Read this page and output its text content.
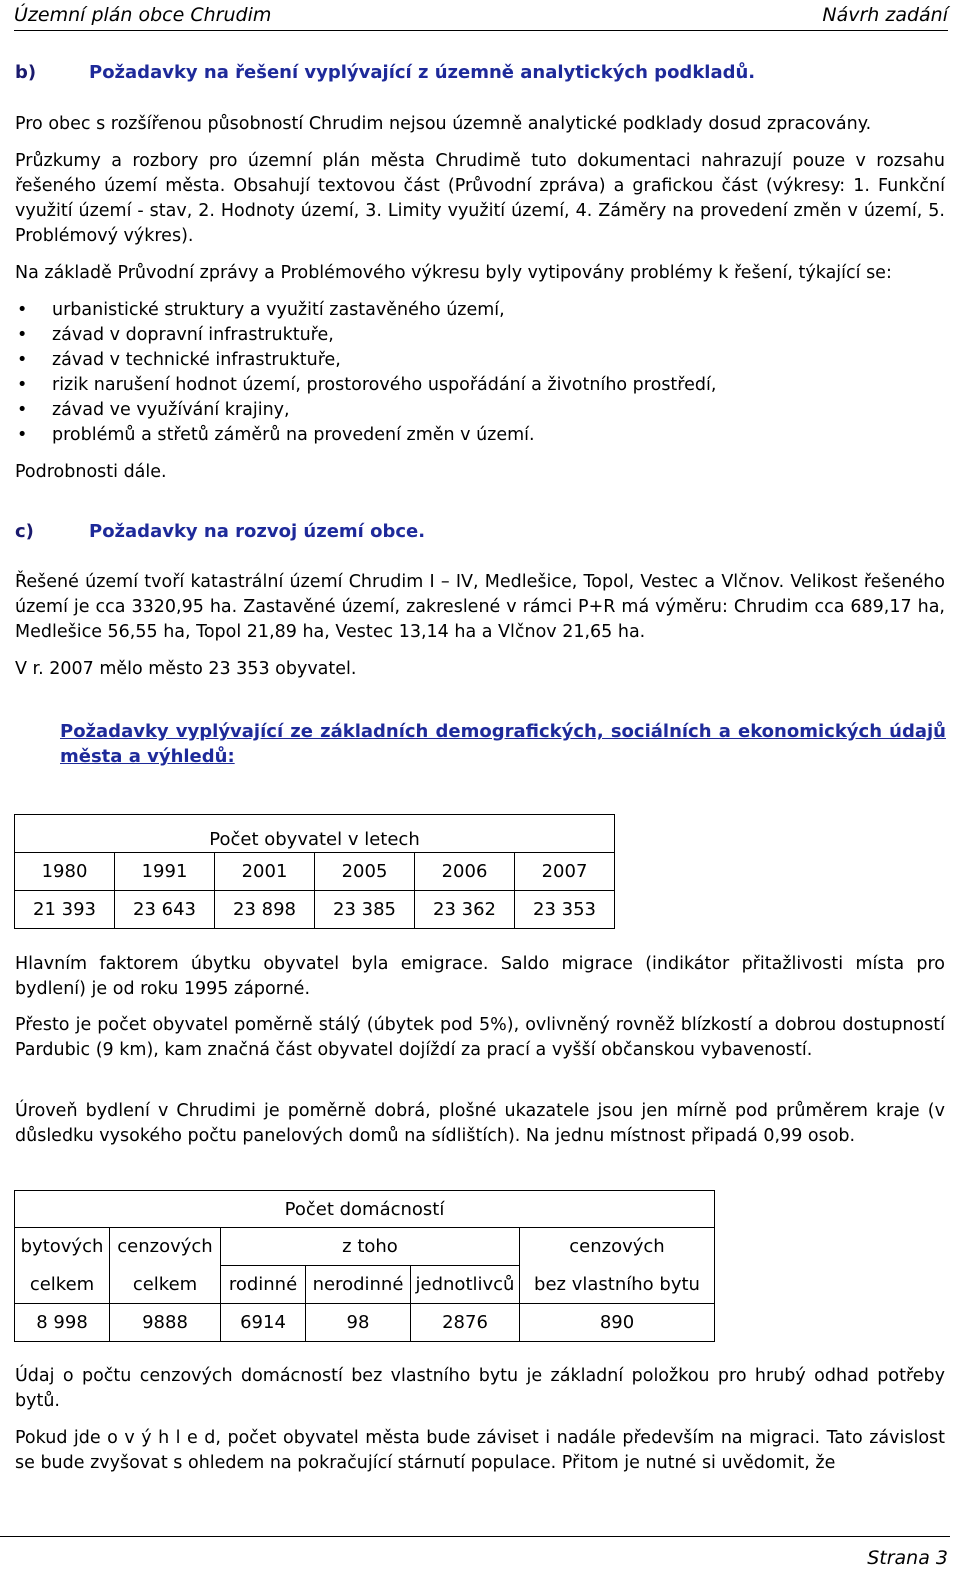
Územní plán obce Chrudim	Návrh zadání
b)	Požadavky na řešení vyplývající z územně analytických podkladů.
Pro obec s rozšířenou působností Chrudim nejsou územně analytické podklady dosud zpracovány.
Průzkumy a rozbory pro územní plán města Chrudimě tuto dokumentaci nahrazují pouze v rozsahu řešeného území města. Obsahují textovou část (Průvodní zpráva) a grafickou část (výkresy: 1. Funkční využití území - stav, 2. Hodnoty území, 3. Limity využití území, 4. Záměry na provedení změn v území, 5. Problémový výkres).
Na základě Průvodní zprávy a Problémového výkresu byly vytipovány problémy k řešení, týkající se:
• urbanistické struktury a využití zastavěného území,
• závad v dopravní infrastruktuře,
• závad v technické infrastruktuře,
• rizik narušení hodnot území, prostorového uspořádání a životního prostředí,
• závad ve využívání krajiny,
• problémů a střetů záměrů na provedení změn v území.
Podrobnosti dále.
c)	Požadavky na rozvoj území obce.
Řešené území tvoří katastrální území Chrudim I – IV, Medlešice, Topol, Vestec a Vlčnov. Velikost řešeného území je cca 3320,95 ha. Zastavěné území, zakreslené v rámci P+R má výměru: Chrudim cca 689,17 ha, Medlešice 56,55 ha, Topol 21,89 ha, Vestec 13,14 ha a Vlčnov 21,65 ha.
V r. 2007 mělo město 23 353 obyvatel.
Požadavky vyplývající ze základních demografických, sociálních a ekonomických údajů města a výhledů:
Počet obyvatel v letech					
1980	1991	2001	2005	2006	2007
21 393	23 643	23 898	23 385	23 362	23 353
Hlavním faktorem úbytku obyvatel byla emigrace. Saldo migrace (indikátor přitažlivosti místa pro bydlení) je od roku 1995 záporné.
Přesto je počet obyvatel poměrně stálý (úbytek pod 5%), ovlivněný rovněž blízkostí a dobrou dostupností Pardubic (9 km), kam značná část obyvatel dojíždí za prací a vyšší občanskou vybaveností.
Úroveň bydlení v Chrudimi je poměrně dobrá, plošné ukazatele jsou jen mírně pod průměrem kraje (v důsledku vysokého počtu panelových domů na sídlištích). Na jednu místnost připadá 0,99 osob.
Počet domácností						
bytových	cenzových	z toho			cenzových	
celkem	celkem	rodinné	nerodinné	jednotlivců	bez vlastního bytu	
8 998	9888	6914	98	2876	890	
Údaj o počtu cenzových domácností bez vlastního bytu je základní položkou pro hrubý odhad potřeby bytů.
Pokud jde o v ý h l e d, počet obyvatel města bude záviset i nadále především na migraci. Tato závislost se bude zvyšovat s ohledem na pokračující stárnutí populace. Přitom je nutné si uvědomit, že
Strana 3
